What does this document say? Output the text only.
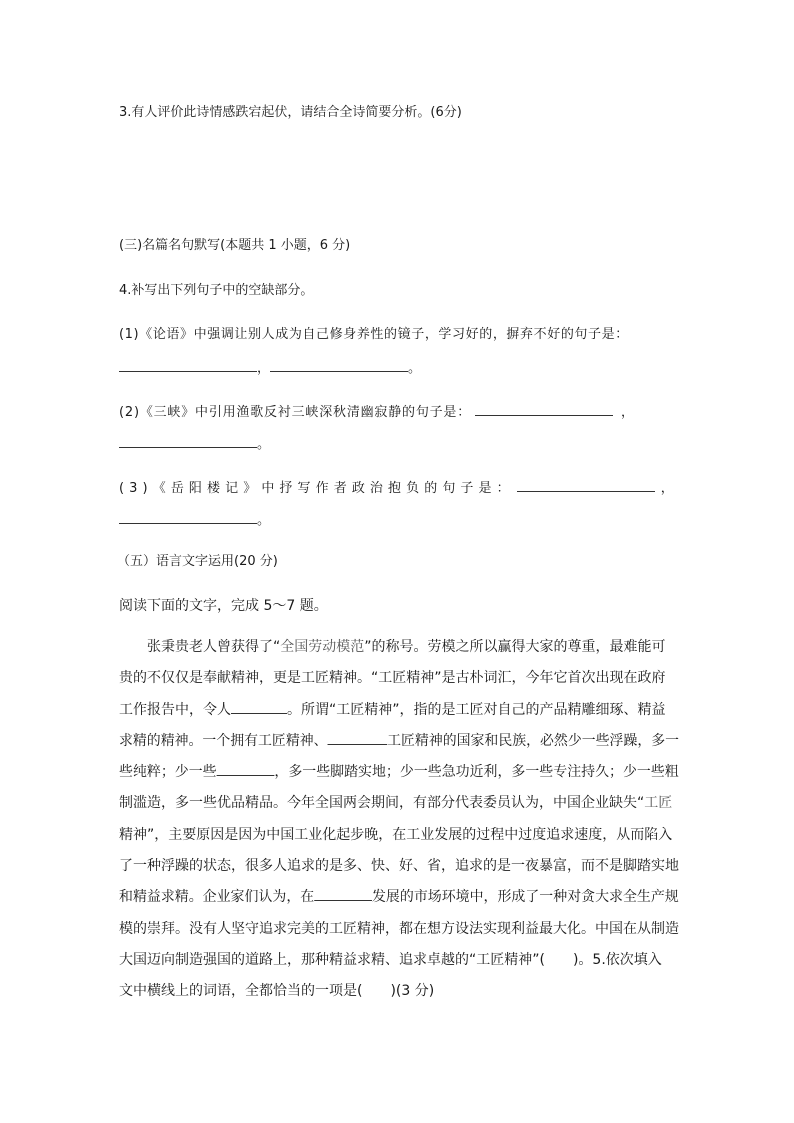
3.有人评价此诗情感跌宕起伏，请结合全诗简要分析。(6分)
(三)名篇名句默写(本题共 1 小题，6 分)
4.补写出下列句子中的空缺部分。
(1)《论语》中强调让别人成为自己修身养性的镜子，学习好的，摒弃不好的句子是：
，	。
(2)《三峡》中引用渔歌反衬三峡深秋清幽寂静的句子是：	，
。
(3)《岳阳楼记》中抒写作者政治抱负的句子是：	，
。
（五）语言文字运用(20 分)
阅读下面的文字，完成 5～7 题。
张秉贵老人曾获得了“全国劳动模范”的称号。劳模之所以赢得大家的尊重，最难能可
贵的不仅仅是奉献精神，更是工匠精神。“工匠精神”是古朴词汇，今年它首次出现在政府
工作报告中，令人	。所谓“工匠精神”，指的是工匠对自己的产品精雕细琢、精益
求精的精神。一个拥有工匠精神、	工匠精神的国家和民族，必然少一些浮躁，多一
些纯粹；少一些	，多一些脚踏实地；少一些急功近利，多一些专注持久；少一些粗
制滥造，多一些优品精品。今年全国两会期间，有部分代表委员认为，中国企业缺失“工匠
精神”，主要原因是因为中国工业化起步晚，在工业发展的过程中过度追求速度，从而陷入
了一种浮躁的状态，很多人追求的是多、快、好、省，追求的是一夜暴富，而不是脚踏实地
和精益求精。企业家们认为，在	发展的市场环境中，形成了一种对贪大求全生产规
模的崇拜。没有人坚守追求完美的工匠精神，都在想方设法实现利益最大化。中国在从制造
大国迈向制造强国的道路上，那种精益求精、追求卓越的“工匠精神”(　　)。5.依次填入
文中横线上的词语，全都恰当的一项是(　　)(3 分)
